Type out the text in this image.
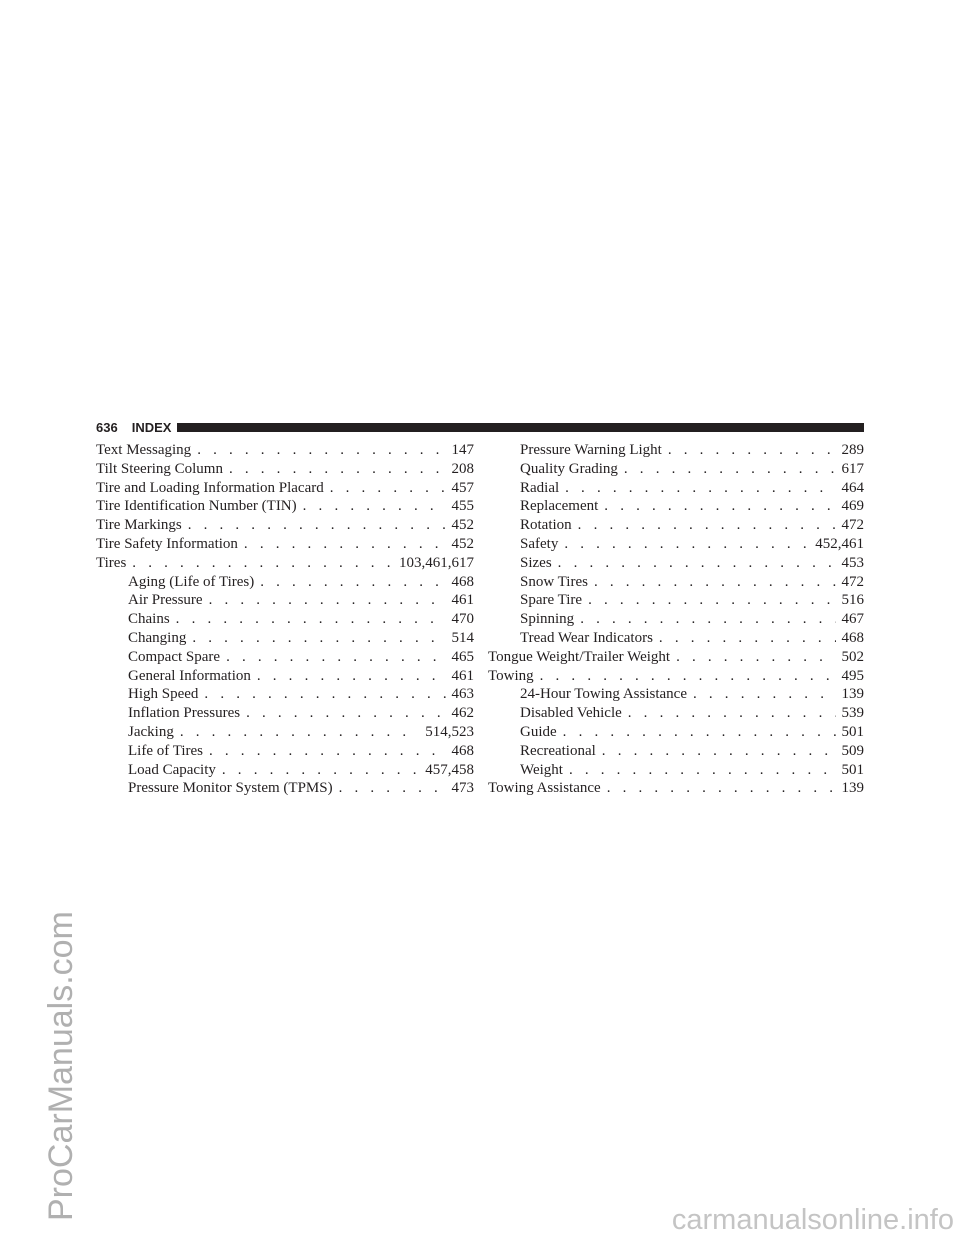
636	INDEX
Text Messaging . . .	147
Tilt Steering Column . . .	208
Tire and Loading Information Placard . . .	457
Tire Identification Number (TIN) . . .	455
Tire Markings . . .	452
Tire Safety Information . . .	452
Tires . . .	103,461,617
Aging (Life of Tires) . . .	468
Air Pressure . . .	461
Chains . . .	470
Changing . . .	514
Compact Spare . . .	465
General Information . . .	461
High Speed . . .	463
Inflation Pressures . . .	462
Jacking . . .	514,523
Life of Tires . . .	468
Load Capacity . . .	457,458
Pressure Monitor System (TPMS) . . .	473
Pressure Warning Light . . .	289
Quality Grading . . .	617
Radial . . .	464
Replacement . . .	469
Rotation . . .	472
Safety . . .	452,461
Sizes . . .	453
Snow Tires . . .	472
Spare Tire . . .	516
Spinning . . .	467
Tread Wear Indicators . . .	468
Tongue Weight/Trailer Weight . . .	502
Towing . . .	495
24-Hour Towing Assistance . . .	139
Disabled Vehicle . . .	539
Guide . . .	501
Recreational . . .	509
Weight . . .	501
Towing Assistance . . .	139
ProCarManuals.com	carmanualsonline.info
